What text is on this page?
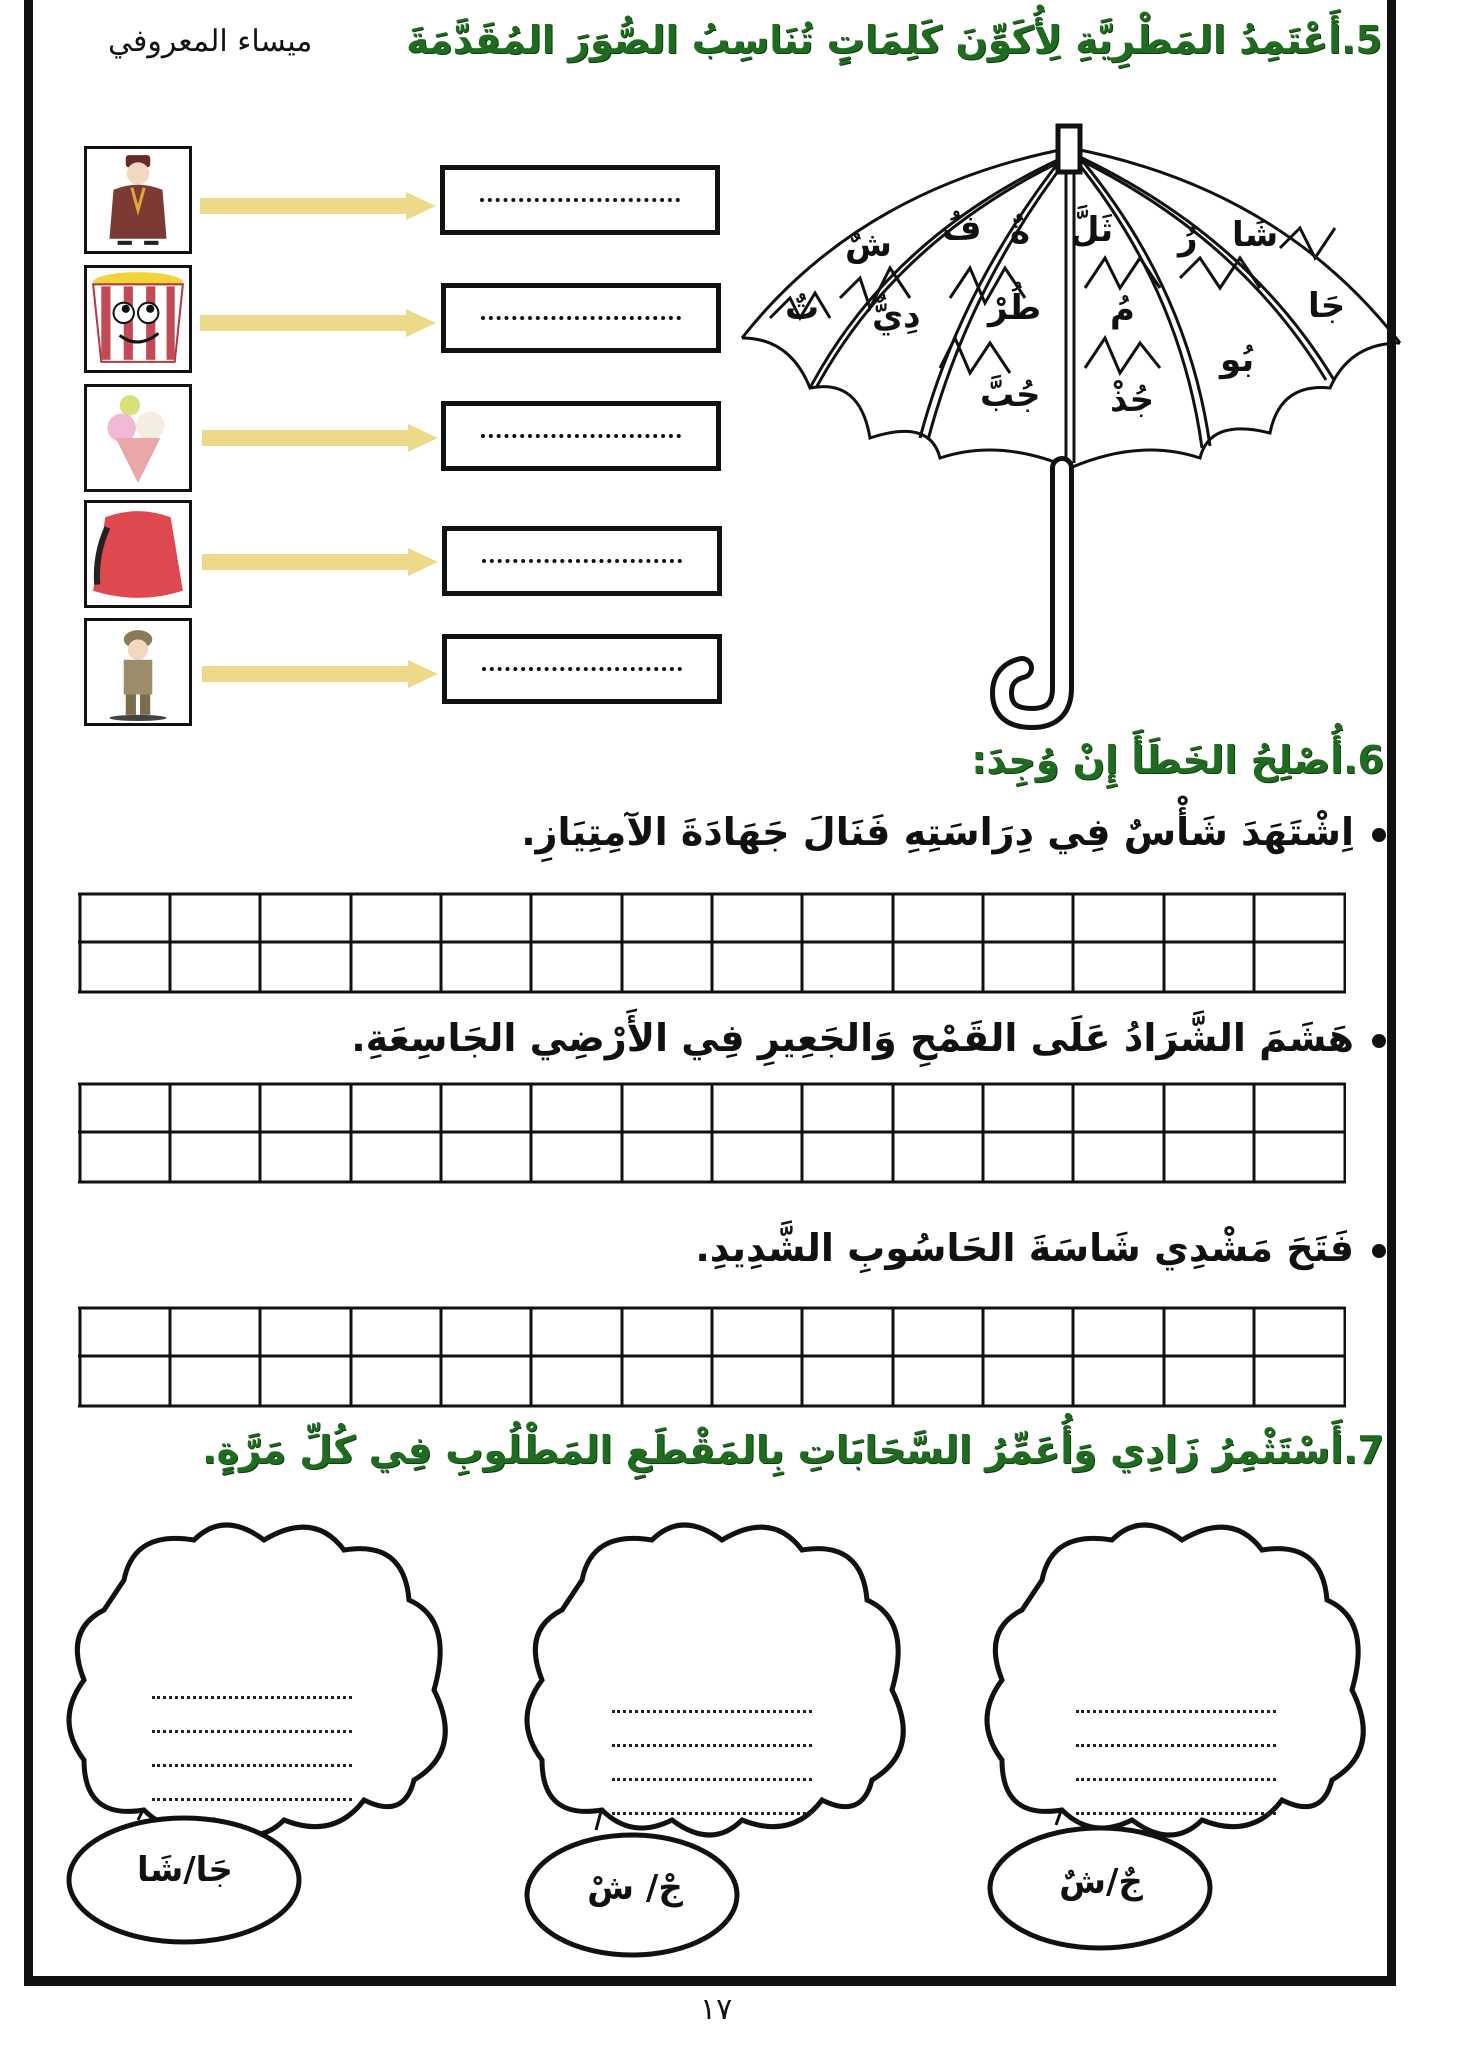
5.أَعْتَمِدُ المَطْرِيَّةِ لِأُكَوِّنَ كَلِمَاتٍ تُنَاسِبُ الصُّوَرَ المُقَدَّمَةَ
ميساء المعروفي
شَا
رُ
ثَلَّ
ةٌ
فُ
شٌ
تٌ	جَا
بُو
مُ
طُرْ
دِيٌّ
جُذْ
جُبَّ
6.أُصْلِحُ الخَطَأَ إِنْ وُجِدَ:
اِشْتَهَدَ شَأْسٌ فِي دِرَاسَتِهِ فَنَالَ جَهَادَةَ الآمِتِيَازِ.
هَشَمَ الشَّرَادُ عَلَى القَمْحِ وَالجَعِيرِ فِي الأَرْضِي الجَاسِعَةِ.
فَتَحَ مَشْدِي شَاسَةَ الحَاسُوبِ الشَّدِيدِ.
7.أَسْتَثْمِرُ زَادِي وَأُعَمِّرُ السَّحَابَاتِ بِالمَقْطَعِ المَطْلُوبِ فِي كُلِّ مَرَّةٍ.
جَا/شَا	جْ/ شْ	جٌ/شٌ
١٧
